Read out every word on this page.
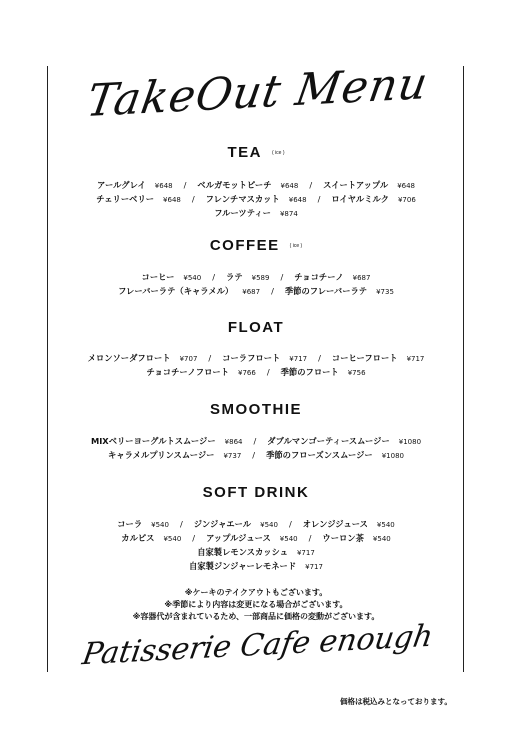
TakeOut Menu
TEA ( ice )
アールグレイ ¥648 / ベルガモットピーチ ¥648 / スイートアップル ¥648
チェリーベリー ¥648 / フレンチマスカット ¥648 / ロイヤルミルク ¥706
フルーツティー ¥874
COFFEE ( ice )
コーヒー ¥540 / ラテ ¥589 / チョコチーノ ¥687
フレーバーラテ（キャラメル） ¥687 / 季節のフレーバーラテ ¥735
FLOAT
メロンソーダフロート ¥707 / コーラフロート ¥717 / コーヒーフロート ¥717
チョコチーノフロート ¥766 / 季節のフロート ¥756
SMOOTHIE
MIXベリーヨーグルトスムージー ¥864 / ダブルマンゴーティースムージー ¥1080
キャラメルプリンスムージー ¥737 / 季節のフローズンスムージー ¥1080
SOFT DRINK
コーラ ¥540 / ジンジャエール ¥540 / オレンジジュース ¥540
カルピス ¥540 / アップルジュース ¥540 / ウーロン茶 ¥540
自家製レモンスカッシュ ¥717
自家製ジンジャーレモネード ¥717
※ケーキのテイクアウトもございます。
※季節により内容は変更になる場合がございます。
※容器代が含まれているため、一部商品に価格の変動がございます。
Patisserie Cafe enough
価格は税込みとなっております。
